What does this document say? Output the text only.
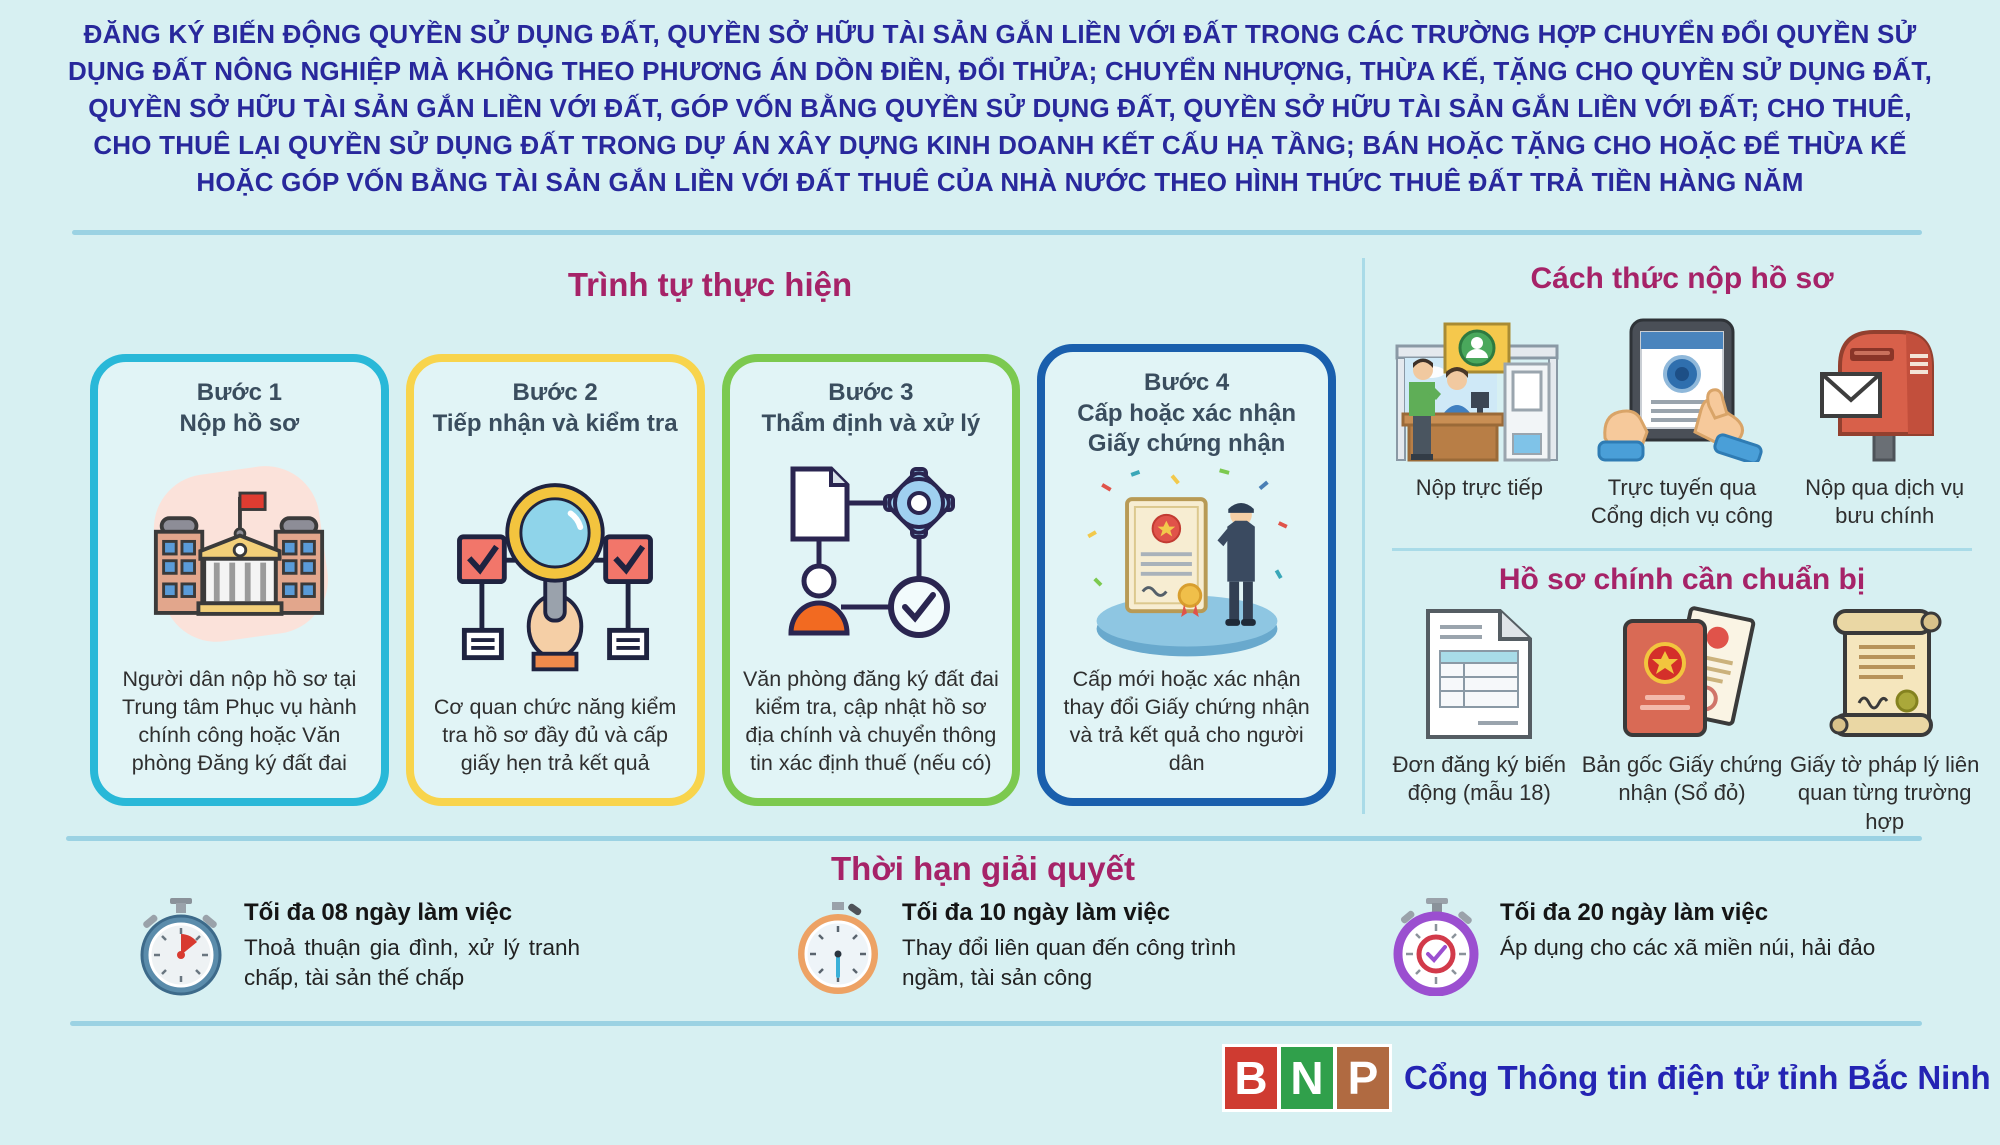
ĐĂNG KÝ BIẾN ĐỘNG QUYỀN SỬ DỤNG ĐẤT, QUYỀN SỞ HỮU TÀI SẢN GẮN LIỀN VỚI ĐẤT TRONG CÁC TRƯỜNG HỢP CHUYỂN ĐỔI QUYỀN SỬ DỤNG ĐẤT NÔNG NGHIỆP MÀ KHÔNG THEO PHƯƠNG ÁN DỒN ĐIỀN, ĐỔI THỬA; CHUYỂN NHƯỢNG, THỪA KẾ, TẶNG CHO QUYỀN SỬ DỤNG ĐẤT, QUYỀN SỞ HỮU TÀI SẢN GẮN LIỀN VỚI ĐẤT, GÓP VỐN BẰNG QUYỀN SỬ DỤNG ĐẤT, QUYỀN SỞ HỮU TÀI SẢN GẮN LIỀN VỚI ĐẤT; CHO THUÊ, CHO THUÊ LẠI QUYỀN SỬ DỤNG ĐẤT TRONG DỰ ÁN XÂY DỰNG KINH DOANH KẾT CẤU HẠ TẦNG; BÁN HOẶC TẶNG CHO HOẶC ĐỂ THỪA KẾ HOẶC GÓP VỐN BẰNG TÀI SẢN GẮN LIỀN VỚI ĐẤT THUÊ CỦA NHÀ NƯỚC THEO HÌNH THỨC THUÊ ĐẤT TRẢ TIỀN HÀNG NĂM
Trình tự thực hiện
Bước 1
Nộp hồ sơ
Người dân nộp hồ sơ tại Trung tâm Phục vụ hành chính công hoặc Văn phòng Đăng ký đất đai
Bước 2
Tiếp nhận và kiểm tra
Cơ quan chức năng kiểm tra hồ sơ đầy đủ và cấp giấy hẹn trả kết quả
Bước 3
Thẩm định và xử lý
Văn phòng đăng ký đất đai kiểm tra, cập nhật hồ sơ địa chính và chuyển thông tin xác định thuế (nếu có)
Bước 4
Cấp hoặc xác nhận Giấy chứng nhận
Cấp mới hoặc xác nhận thay đổi Giấy chứng nhận và trả kết quả cho người dân
Cách thức nộp hồ sơ
Nộp trực tiếp	Trực tuyến qua Cổng dịch vụ công
Nộp qua dịch vụ bưu chính
Hồ sơ chính cần chuẩn bị
Đơn đăng ký biến động (mẫu 18)
Bản gốc Giấy chứng nhận (Sổ đỏ)
Giấy tờ pháp lý liên quan từng trường hợp
Thời hạn giải quyết
Tối đa 08 ngày làm việc
Thoả thuận gia đình, xử lý tranh chấp, tài sản thế chấp
Tối đa 10 ngày làm việc
Thay đổi liên quan đến công trình ngầm, tài sản công
Tối đa 20 ngày làm việc
Áp dụng cho các xã miền núi, hải đảo
B N P Cổng Thông tin điện tử tỉnh Bắc Ninh
